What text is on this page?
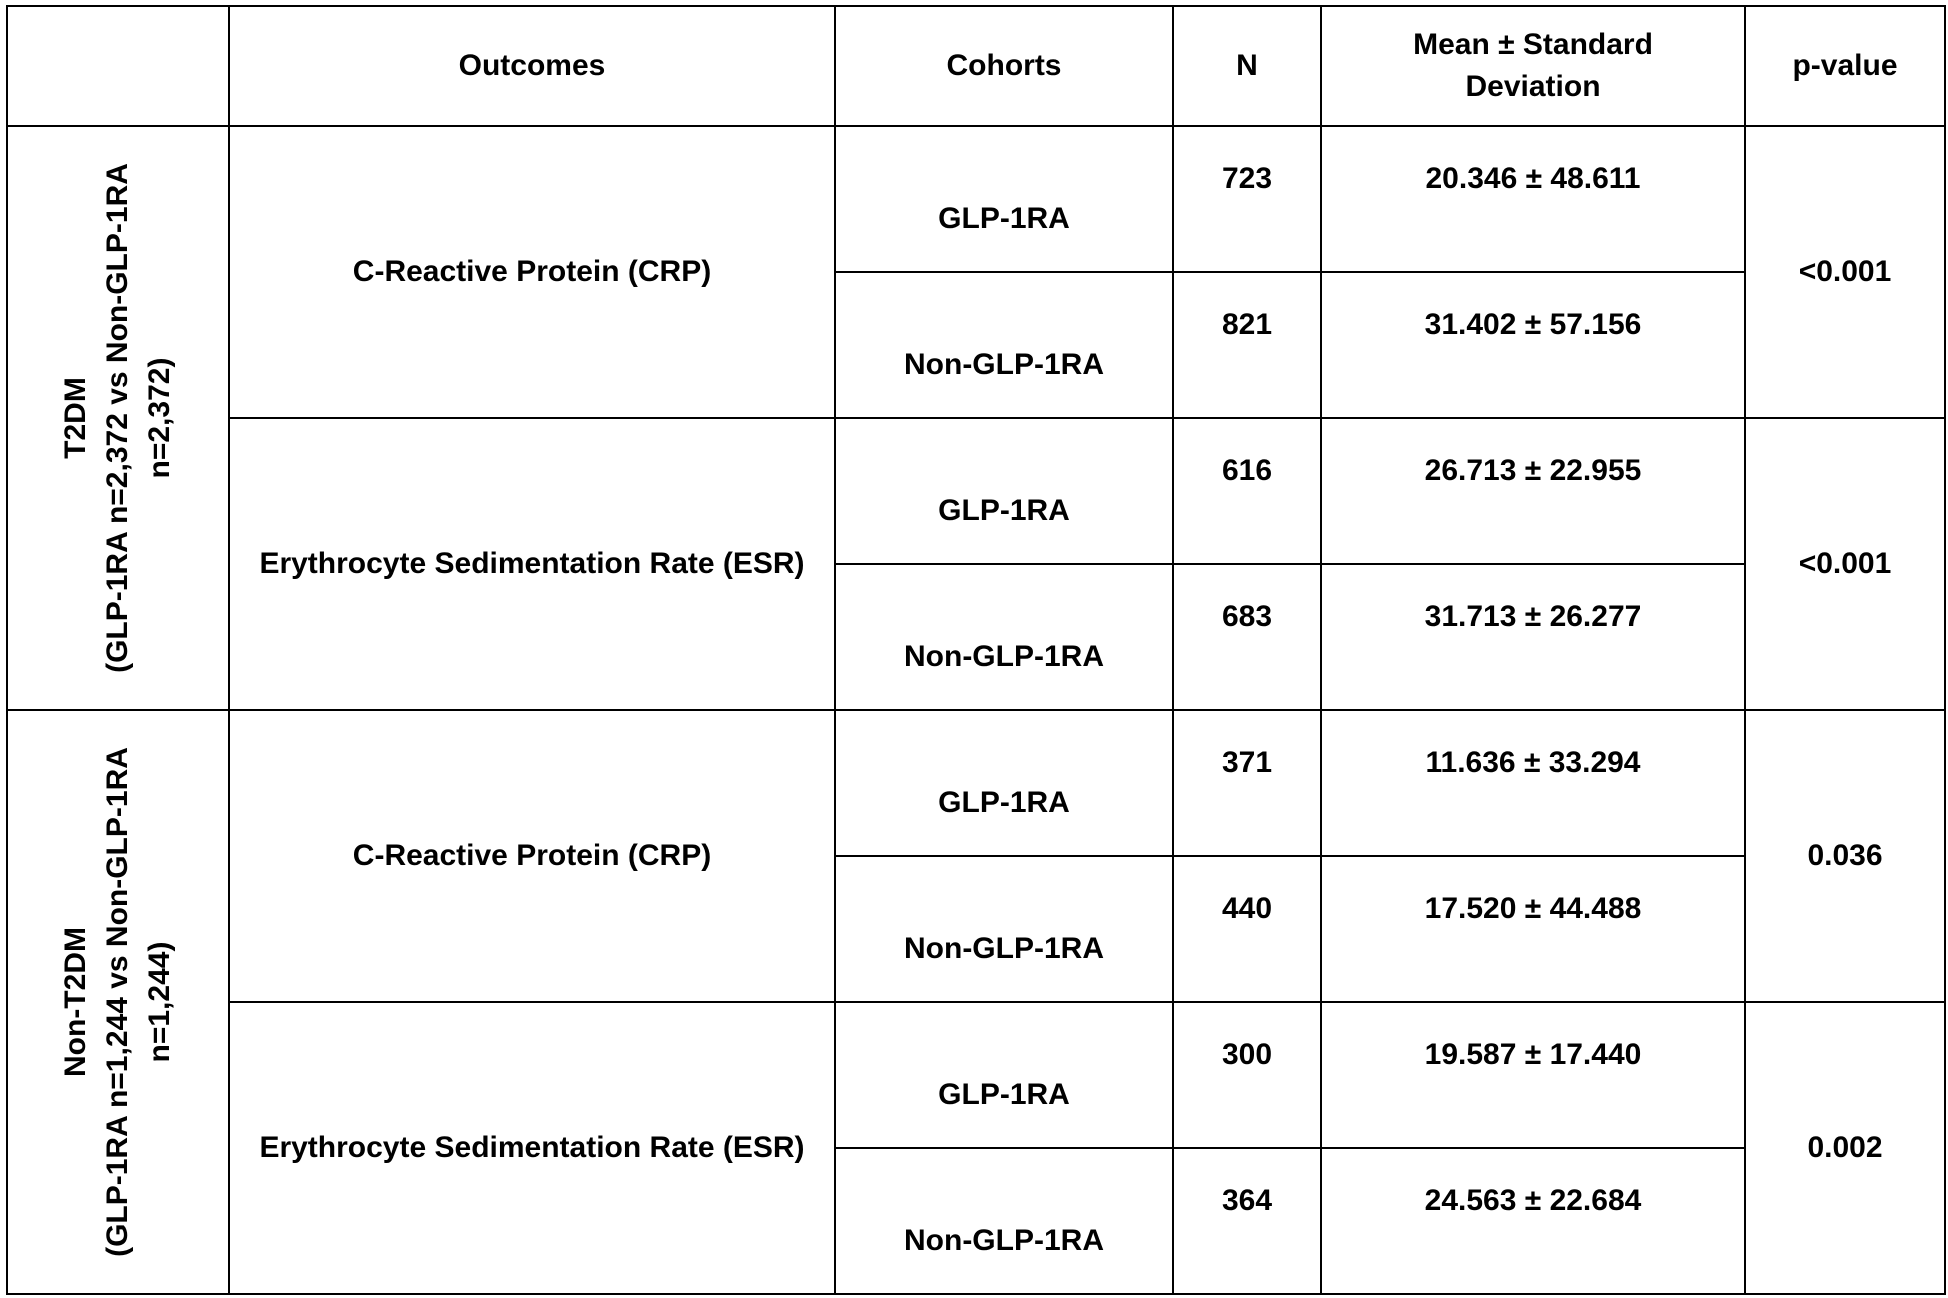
	Outcomes	Cohorts	N	Mean ± Standard Deviation	p-value

T2DM (GLP-1RA n=2,372 vs Non-GLP-1RA n=2,372)	C-Reactive Protein (CRP)	GLP-1RA	723	20.346 ± 48.611	<0.001
		Non-GLP-1RA	821	31.402 ± 57.156	
	Erythrocyte Sedimentation Rate (ESR)	GLP-1RA	616	26.713 ± 22.955	<0.001
		Non-GLP-1RA	683	31.713 ± 26.277	

Non-T2DM (GLP-1RA n=1,244 vs Non-GLP-1RA n=1,244)	C-Reactive Protein (CRP)	GLP-1RA	371	11.636 ± 33.294	0.036
		Non-GLP-1RA	440	17.520 ± 44.488	
	Erythrocyte Sedimentation Rate (ESR)	GLP-1RA	300	19.587 ± 17.440	0.002
		Non-GLP-1RA	364	24.563 ± 22.684	
